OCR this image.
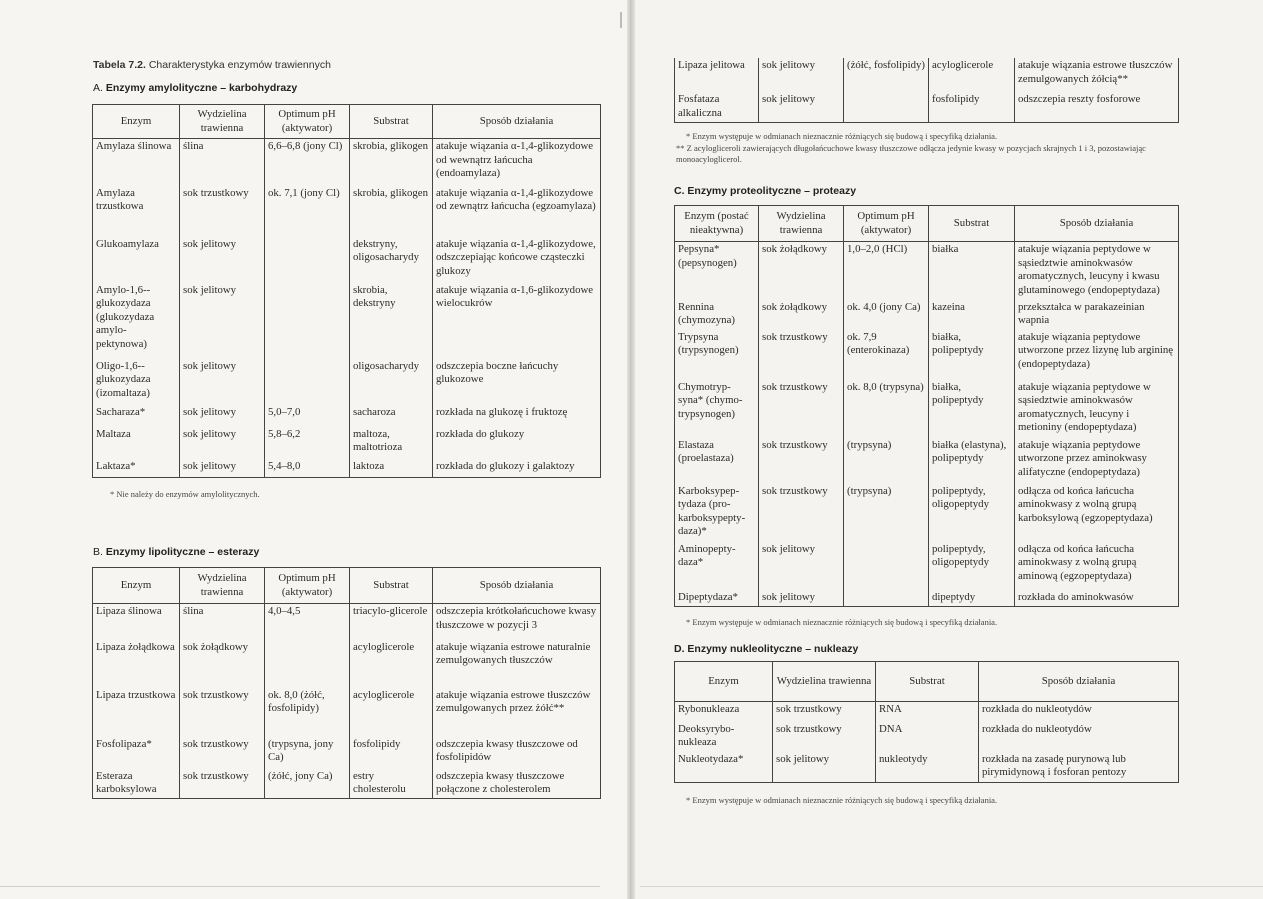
Tabela 7.2. Charakterystyka enzymów trawiennych
A. Enzymy amylolityczne – karbohydrazy
Enzym	Wydzielina trawienna	Optimum pH (aktywator)	Substrat	Sposób działania
Amylaza ślinowa	ślina	6,6–6,8 (jony Cl)	skrobia, glikogen	atakuje wiązania α-1,4-glikozydowe od wewnątrz łańcucha (endoamylaza)
Amylaza trzustkowa	sok trzustkowy	ok. 7,1 (jony Cl)	skrobia, glikogen	atakuje wiązania α-1,4-glikozydowe od zewnątrz łańcucha (egzoamylaza)
Glukoamylaza	sok jelitowy		dekstryny, oligosacharydy	atakuje wiązania α-1,4-glikozydowe, odszczepiając końcowe cząsteczki glukozy
Amylo-1,6--glukozydaza (glukozydaza amylo-pektynowa)	sok jelitowy		skrobia, dekstryny	atakuje wiązania α-1,6-glikozydowe wielocukrów
Oligo-1,6--glukozydaza (izomaltaza)	sok jelitowy		oligosacharydy	odszczepia boczne łańcuchy glukozowe
Sacharaza*	sok jelitowy	5,0–7,0	sacharoza	rozkłada na glukozę i fruktozę
Maltaza	sok jelitowy	5,8–6,2	maltoza, maltotrioza	rozkłada do glukozy
Laktaza*	sok jelitowy	5,4–8,0	laktoza	rozkłada do glukozy i galaktozy
* Nie należy do enzymów amylolitycznych.
B. Enzymy lipolityczne – esterazy
Enzym	Wydzielina trawienna	Optimum pH (aktywator)	Substrat	Sposób działania
Lipaza ślinowa	ślina	4,0–4,5	triacylo-glicerole	odszczepia krótkołańcuchowe kwasy tłuszczowe w pozycji 3
Lipaza żołądkowa	sok żołądkowy		acyloglicerole	atakuje wiązania estrowe naturalnie zemulgowanych tłuszczów
Lipaza trzustkowa	sok trzustkowy	ok. 8,0 (żółć, fosfolipidy)	acyloglicerole	atakuje wiązania estrowe tłuszczów zemulgowanych przez żółć**
Fosfolipaza*	sok trzustkowy	(trypsyna, jony Ca)	fosfolipidy	odszczepia kwasy tłuszczowe od fosfolipidów
Esteraza karboksylowa	sok trzustkowy	(żółć, jony Ca)	estry cholesterolu	odszczepia kwasy tłuszczowe połączone z cholesterolem
Lipaza jelitowa	sok jelitowy	(żółć, fosfolipidy)	acyloglicerole	atakuje wiązania estrowe tłuszczów zemulgowanych żółcią**
Fosfataza alkaliczna	sok jelitowy		fosfolipidy	odszczepia reszty fosforowe
* Enzym występuje w odmianach nieznacznie różniących się budową i specyfiką działania.
** Z acylogliceroli zawierających długołańcuchowe kwasy tłuszczowe odłącza jedynie kwasy w pozycjach skrajnych 1 i 3, pozostawiając monoacyloglicerol.
C. Enzymy proteolityczne – proteazy
Enzym (postać nieaktywna)	Wydzielina trawienna	Optimum pH (aktywator)	Substrat	Sposób działania
Pepsyna* (pepsynogen)	sok żołądkowy	1,0–2,0 (HCl)	białka	atakuje wiązania peptydowe w sąsiedztwie aminokwasów aromatycznych, leucyny i kwasu glutaminowego (endopeptydaza)
Rennina (chymozyna)	sok żołądkowy	ok. 4,0 (jony Ca)	kazeina	przekształca w parakazeinian wapnia
Trypsyna (trypsynogen)	sok trzustkowy	ok. 7,9 (enterokinaza)	białka, polipeptydy	atakuje wiązania peptydowe utworzone przez lizynę lub argininę (endopeptydaza)
Chymotryp-syna* (chymo-trypsynogen)	sok trzustkowy	ok. 8,0 (trypsyna)	białka, polipeptydy	atakuje wiązania peptydowe w sąsiedztwie aminokwasów aromatycznych, leucyny i metioniny (endopeptydaza)
Elastaza (proelastaza)	sok trzustkowy	(trypsyna)	białka (elastyna), polipeptydy	atakuje wiązania peptydowe utworzone przez aminokwasy alifatyczne (endopeptydaza)
Karboksypep-tydaza (pro-karboksypepty-daza)*	sok trzustkowy	(trypsyna)	polipeptydy, oligopeptydy	odłącza od końca łańcucha aminokwasy z wolną grupą karboksylową (egzopeptydaza)
Aminopepty-daza*	sok jelitowy		polipeptydy, oligopeptydy	odłącza od końca łańcucha aminokwasy z wolną grupą aminową (egzopeptydaza)
Dipeptydaza*	sok jelitowy		dipeptydy	rozkłada do aminokwasów
* Enzym występuje w odmianach nieznacznie różniących się budową i specyfiką działania.
D. Enzymy nukleolityczne – nukleazy
Enzym	Wydzielina trawienna	Substrat	Sposób działania
Rybonukleaza	sok trzustkowy	RNA	rozkłada do nukleotydów
Deoksyrybo-nukleaza	sok trzustkowy	DNA	rozkłada do nukleotydów
Nukleotydaza*	sok jelitowy	nukleotydy	rozkłada na zasadę purynową lub pirymidynową i fosforan pentozy
* Enzym występuje w odmianach nieznacznie różniących się budową i specyfiką działania.
